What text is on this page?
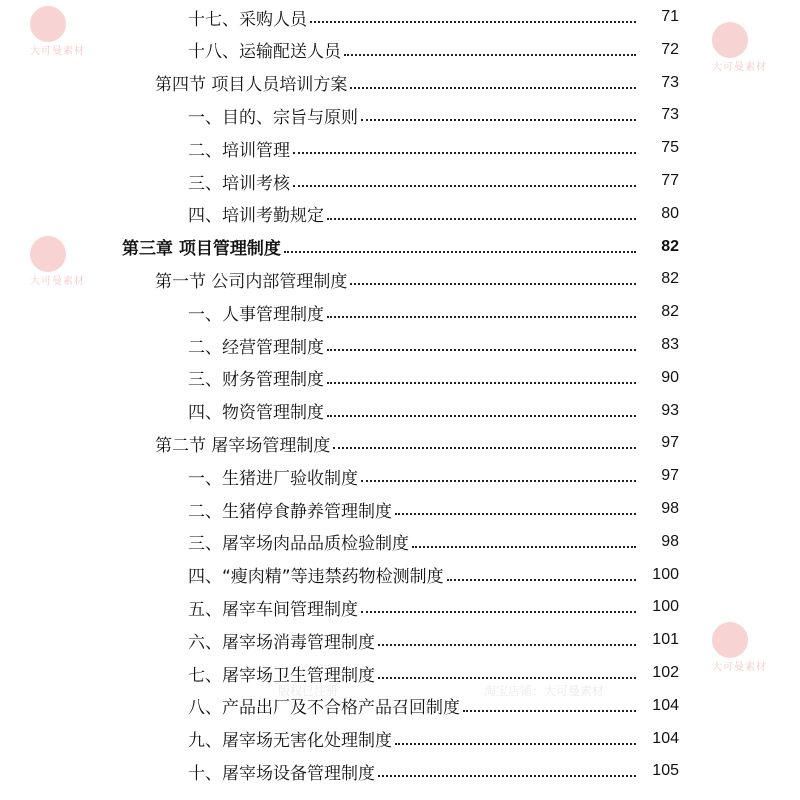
大可曼素材
大可曼素材
大可曼素材
大可曼素材
版权已注册	淘宝店铺：大可曼素材
十七、采购人员	71
十八、运输配送人员	72
第四节 项目人员培训方案	73
一、目的、宗旨与原则	73
二、培训管理	75
三、培训考核	77
四、培训考勤规定	80
第三章 项目管理制度	82
第一节 公司内部管理制度	82
一、人事管理制度	82
二、经营管理制度	83
三、财务管理制度	90
四、物资管理制度	93
第二节 屠宰场管理制度	97
一、生猪进厂验收制度	97
二、生猪停食静养管理制度	98
三、屠宰场肉品品质检验制度	98
四、“瘦肉精”等违禁药物检测制度	100
五、屠宰车间管理制度	100
六、屠宰场消毒管理制度	101
七、屠宰场卫生管理制度	102
八、产品出厂及不合格产品召回制度	104
九、屠宰场无害化处理制度	104
十、屠宰场设备管理制度	105
